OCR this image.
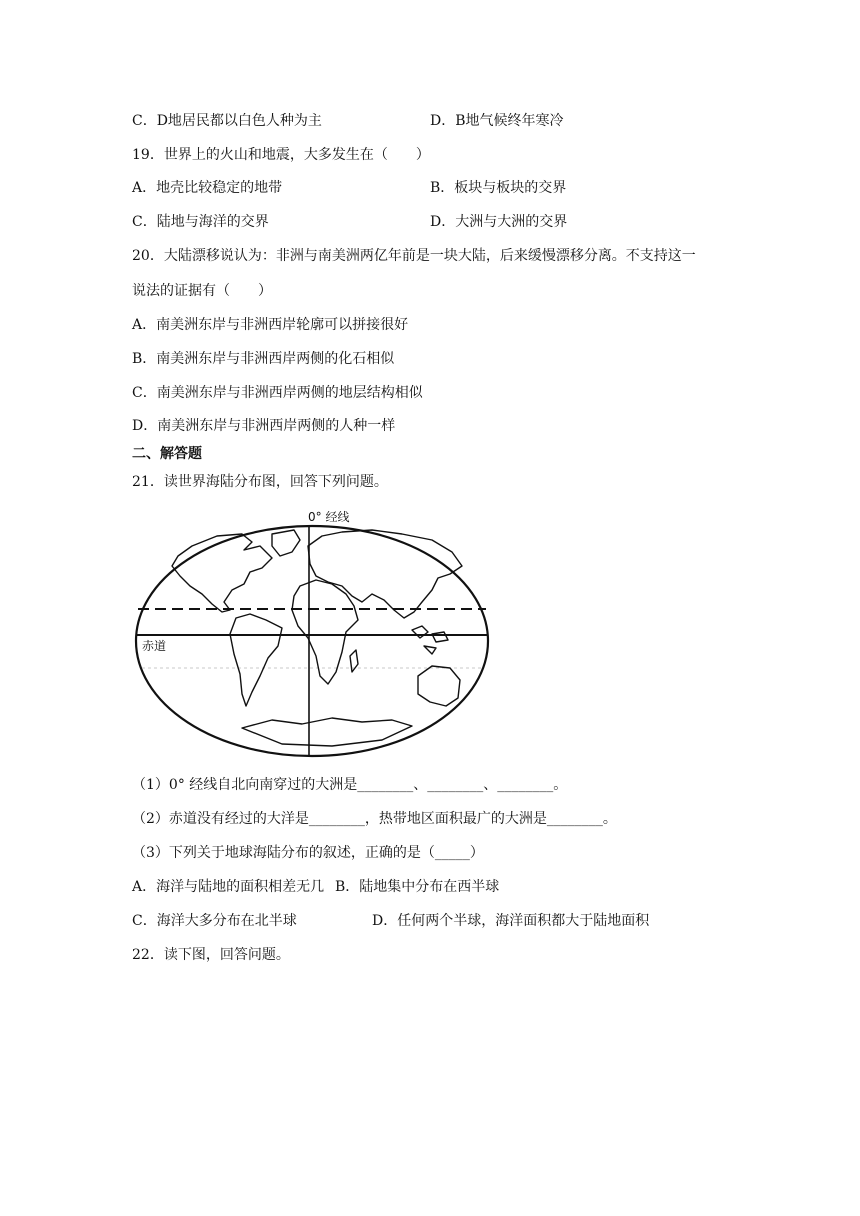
C．D地居民都以白色人种为主	D．B地气候终年寒冷
19．世界上的火山和地震，大多发生在（　　）
A．地壳比较稳定的地带	B．板块与板块的交界
C．陆地与海洋的交界	D．大洲与大洲的交界
20．大陆漂移说认为：非洲与南美洲两亿年前是一块大陆，后来缓慢漂移分离。不支持这一
说法的证据有（　　）
A．南美洲东岸与非洲西岸轮廓可以拼接很好
B．南美洲东岸与非洲西岸两侧的化石相似
C．南美洲东岸与非洲西岸两侧的地层结构相似
D．南美洲东岸与非洲西岸两侧的人种一样
二、解答题
21．读世界海陆分布图，回答下列问题。
0° 经线
赤道
（1）0° 经线自北向南穿过的大洲是________、________、________。
（2）赤道没有经过的大洋是________，热带地区面积最广的大洲是________。
（3）下列关于地球海陆分布的叙述，正确的是（_____）
A．海洋与陆地的面积相差无几 B．陆地集中分布在西半球
C．海洋大多分布在北半球	D．任何两个半球，海洋面积都大于陆地面积
22．读下图，回答问题。
